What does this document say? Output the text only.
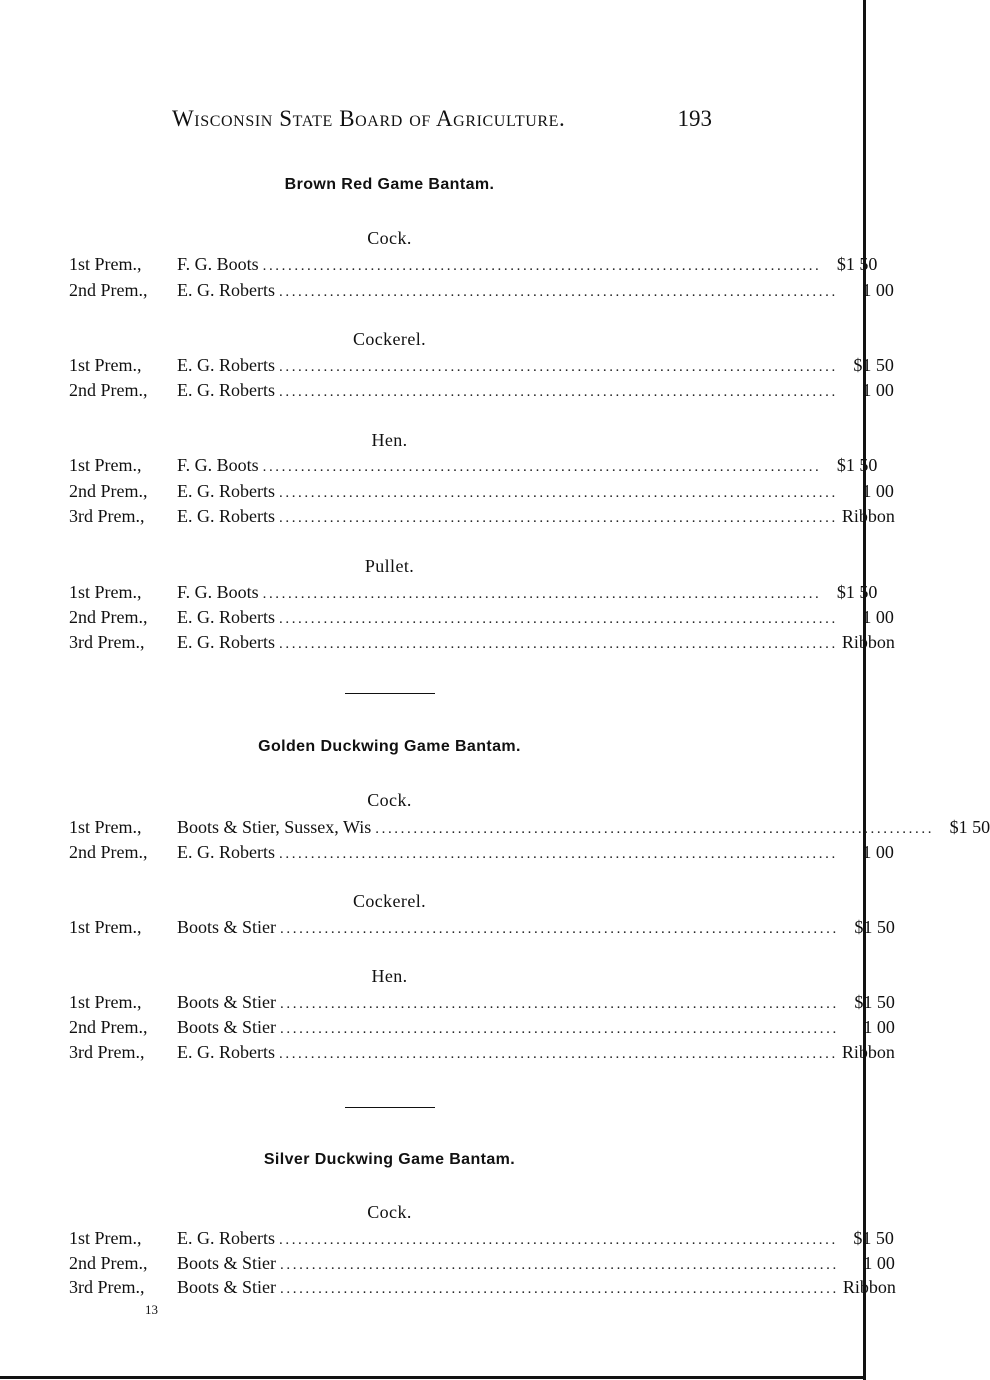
Wisconsin State Board of Agriculture.	193
Brown Red Game Bantam.
Cock.
1st Prem.,	F. G. Boots ........................................................................................ $1 50
2nd Prem.,	E. G. Roberts ........................................................................................	1 00
Cockerel.
1st Prem.,	E. G. Roberts ........................................................................................ $1 50
2nd Prem.,	E. G. Roberts ........................................................................................	1 00
Hen.
1st Prem.,	F. G. Boots ........................................................................................ $1 50
2nd Prem.,	E. G. Roberts ........................................................................................	1 00
3rd Prem.,	E. G. Roberts ........................................................................................ Ribbon
Pullet.
1st Prem.,	F. G. Boots ........................................................................................ $1 50
2nd Prem.,	E. G. Roberts ........................................................................................	1 00
3rd Prem.,	E. G. Roberts ........................................................................................ Ribbon
Golden Duckwing Game Bantam.
Cock.
1st Prem.,	Boots & Stier, Sussex, Wis ........................................................................................ $1 50
2nd Prem.,	E. G. Roberts ........................................................................................	1 00
Cockerel.
1st Prem.,	Boots & Stier ........................................................................................ $1 50
Hen.
1st Prem.,	Boots & Stier ........................................................................................ $1 50
2nd Prem.,	Boots & Stier ........................................................................................	1 00
3rd Prem.,	E. G. Roberts ........................................................................................ Ribbon
Silver Duckwing Game Bantam.
Cock.
1st Prem.,	E. G. Roberts ........................................................................................ $1 50
2nd Prem.,	Boots & Stier ........................................................................................	1 00
3rd Prem.,	Boots & Stier ........................................................................................ Ribbon
13
